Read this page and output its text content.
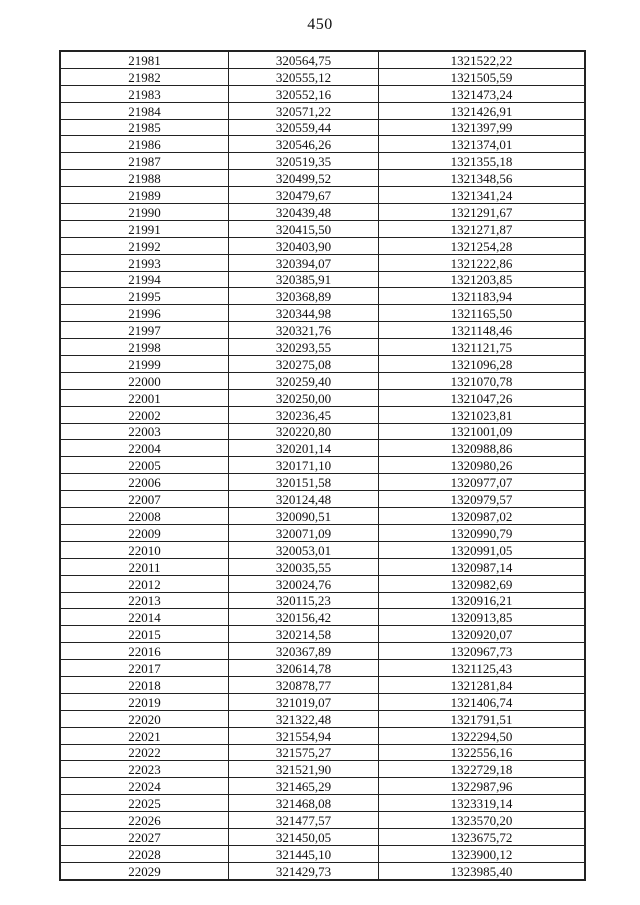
450
21981	320564,75	1321522,22
21982	320555,12	1321505,59
21983	320552,16	1321473,24
21984	320571,22	1321426,91
21985	320559,44	1321397,99
21986	320546,26	1321374,01
21987	320519,35	1321355,18
21988	320499,52	1321348,56
21989	320479,67	1321341,24
21990	320439,48	1321291,67
21991	320415,50	1321271,87
21992	320403,90	1321254,28
21993	320394,07	1321222,86
21994	320385,91	1321203,85
21995	320368,89	1321183,94
21996	320344,98	1321165,50
21997	320321,76	1321148,46
21998	320293,55	1321121,75
21999	320275,08	1321096,28
22000	320259,40	1321070,78
22001	320250,00	1321047,26
22002	320236,45	1321023,81
22003	320220,80	1321001,09
22004	320201,14	1320988,86
22005	320171,10	1320980,26
22006	320151,58	1320977,07
22007	320124,48	1320979,57
22008	320090,51	1320987,02
22009	320071,09	1320990,79
22010	320053,01	1320991,05
22011	320035,55	1320987,14
22012	320024,76	1320982,69
22013	320115,23	1320916,21
22014	320156,42	1320913,85
22015	320214,58	1320920,07
22016	320367,89	1320967,73
22017	320614,78	1321125,43
22018	320878,77	1321281,84
22019	321019,07	1321406,74
22020	321322,48	1321791,51
22021	321554,94	1322294,50
22022	321575,27	1322556,16
22023	321521,90	1322729,18
22024	321465,29	1322987,96
22025	321468,08	1323319,14
22026	321477,57	1323570,20
22027	321450,05	1323675,72
22028	321445,10	1323900,12
22029	321429,73	1323985,40
